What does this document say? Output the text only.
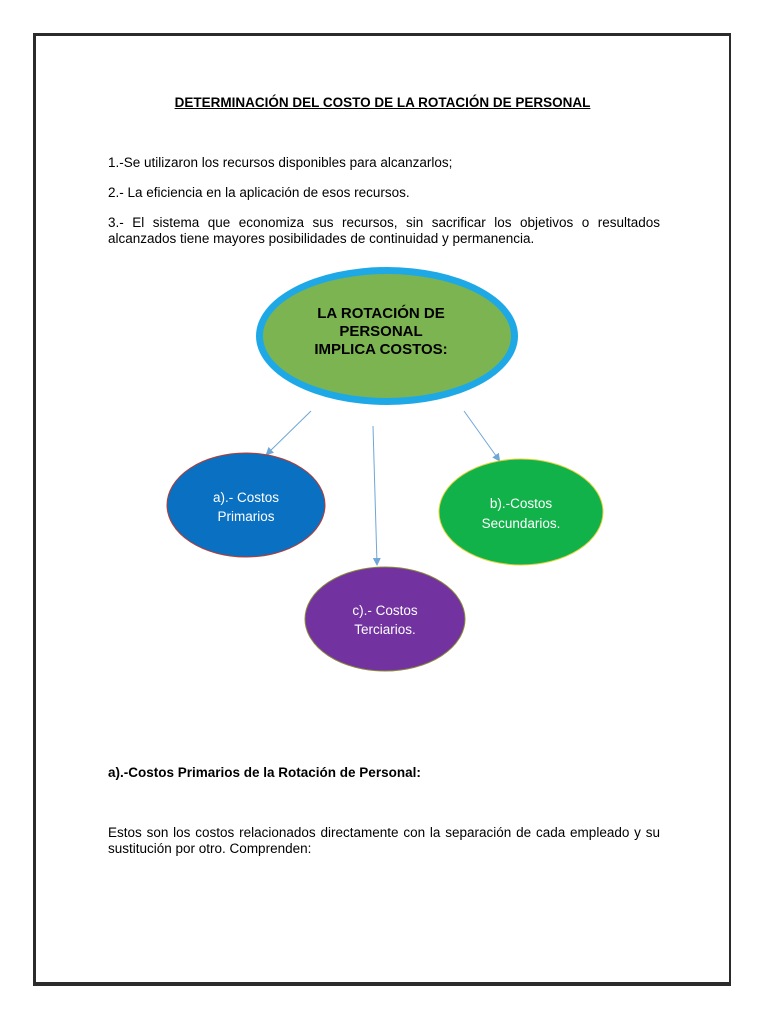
DETERMINACIÓN DEL COSTO DE LA ROTACIÓN DE PERSONAL

1.-Se utilizaron los recursos disponibles para alcanzarlos;

2.- La eficiencia en la aplicación de esos recursos.

3.- El sistema que economiza sus recursos, sin sacrificar los objetivos o resultados alcanzados tiene mayores posibilidades de continuidad y permanencia.

LA ROTACIÓN DE
PERSONAL
IMPLICA COSTOS:
a).- Costos
Primarios
b).-Costos
Secundarios.
c).- Costos
Terciarios.

a).-Costos Primarios de la Rotación de Personal:

Estos son los costos relacionados directamente con la separación de cada empleado y su sustitución por otro. Comprenden:
